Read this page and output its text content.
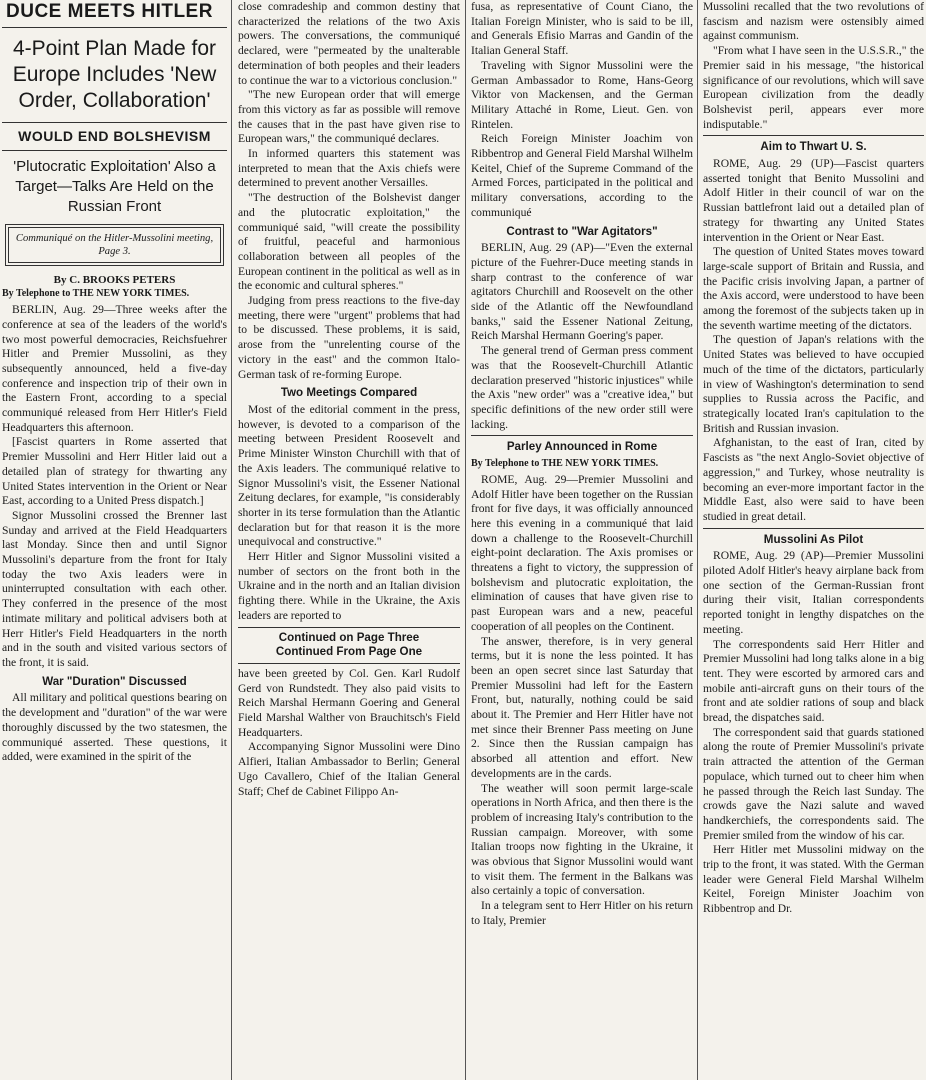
DUCE MEETS HITLER
4-Point Plan Made for Europe Includes 'New Order, Collaboration'
WOULD END BOLSHEVISM
'Plutocratic Exploitation' Also a Target—Talks Are Held on the Russian Front
Communiqué on the Hitler-Mussolini meeting, Page 3.
By C. BROOKS PETERS
By Telephone to THE NEW YORK TIMES.

BERLIN, Aug. 29—Three weeks after the conference at sea of the leaders of the world's two most powerful democracies, Reichsfuehrer Hitler and Premier Mussolini, as they subsequently announced, held a five-day conference and inspection trip of their own in the Eastern Front, according to a special communiqué released from Herr Hitler's Field Headquarters this afternoon.

[Fascist quarters in Rome asserted that Premier Mussolini and Herr Hitler laid out a detailed plan of strategy for thwarting any United States intervention in the Orient or Near East, according to a United Press dispatch.]

Signor Mussolini crossed the Brenner last Sunday and arrived at the Field Headquarters last Monday. Since then and until Signor Mussolini's departure from the front for Italy today the two Axis leaders were in uninterrupted consultation with each other. They conferred in the presence of the most intimate military and political advisers both at Herr Hitler's Field Headquarters in the north and in the south and visited various sectors of the front, it is said.

War "Duration" Discussed

All military and political questions bearing on the development and "duration" of the war were thoroughly discussed by the two statesmen, the communiqué asserted. These questions, it added, were examined in the spirit of the

close comradeship and common destiny that characterized the relations of the two Axis powers. The conversations, the communiqué declared, were "permeated by the unalterable determination of both peoples and their leaders to continue the war to a victorious conclusion."

"The new European order that will emerge from this victory as far as possible will remove the causes that in the past have given rise to European wars," the communiqué declares.

In informed quarters this statement was interpreted to mean that the Axis chiefs were determined to prevent another Versailles.

"The destruction of the Bolshevist danger and the plutocratic exploitation," the communiqué said, "will create the possibility of fruitful, peaceful and harmonious collaboration between all peoples of the European continent in the political as well as in the economic and cultural spheres."

Judging from press reactions to the five-day meeting, there were "urgent" problems that had to be discussed. These problems, it is said, arose from the "unrelenting course of the victory in the east" and the common Italo-German task of re-forming Europe.

Two Meetings Compared

Most of the editorial comment in the press, however, is devoted to a comparison of the meeting between President Roosevelt and Prime Minister Winston Churchill with that of the Axis leaders. The communiqué relative to Signor Mussolini's visit, the Essener National Zeitung declares, for example, "is considerably shorter in its terse formulation than the Atlantic declaration but for that reason it is the more unequivocal and constructive."

Herr Hitler and Signor Mussolini visited a number of sectors on the front both in the Ukraine and in the north and an Italian division fighting there. While in the Ukraine, the Axis leaders are reported to

Continued on Page Three
Continued From Page One

have been greeted by Col. Gen. Karl Rudolf Gerd von Rundstedt. They also paid visits to Reich Marshal Hermann Goering and General Field Marshal Walther von Brauchitsch's Field Headquarters.

Accompanying Signor Mussolini were Dino Alfieri, Italian Ambassador to Berlin; General Ugo Cavallero, Chief of the Italian General Staff; Chef de Cabinet Filippo An-

fusa, as representative of Count Ciano, the Italian Foreign Minister, who is said to be ill, and Generals Efisio Marras and Gandin of the Italian General Staff.

Traveling with Signor Mussolini were the German Ambassador to Rome, Hans-Georg Viktor von Mackensen, and the German Military Attaché in Rome, Lieut. Gen. von Rintelen.

Reich Foreign Minister Joachim von Ribbentrop and General Field Marshal Wilhelm Keitel, Chief of the Supreme Command of the Armed Forces, participated in the political and military conversations, according to the communiqué

Contrast to "War Agitators"

BERLIN, Aug. 29 (AP)—"Even the external picture of the Fuehrer-Duce meeting stands in sharp contrast to the conference of war agitators Churchill and Roosevelt on the other side of the Atlantic off the Newfoundland banks," said the Essener National Zeitung, Reich Marshal Hermann Goering's paper.

The general trend of German press comment was that the Roosevelt-Churchill Atlantic declaration preserved "historic injustices" while the Axis "new order" was a "creative idea," but specific definitions of the new order still were lacking.

Parley Announced in Rome
By Telephone to THE NEW YORK TIMES.

ROME, Aug. 29—Premier Mussolini and Adolf Hitler have been together on the Russian front for five days, it was officially announced here this evening in a communiqué that laid down a challenge to the Roosevelt-Churchill eight-point declaration. The Axis promises or threatens a fight to victory, the suppression of bolshevism and plutocratic exploitation, the elimination of causes that have given rise to past European wars and a new, peaceful cooperation of all peoples on the Continent.

The answer, therefore, is in very general terms, but it is none the less pointed. It has been an open secret since last Saturday that Premier Mussolini had left for the Eastern Front, but, naturally, nothing could be said about it. The Premier and Herr Hitler have not met since their Brenner Pass meeting on June 2. Since then the Russian campaign has absorbed all attention and effort. New developments are in the cards.

The weather will soon permit large-scale operations in North Africa, and then there is the problem of increasing Italy's contribution to the Russian campaign. Moreover, with some Italian troops now fighting in the Ukraine, it was obvious that Signor Mussolini would want to visit them. The ferment in the Balkans was also certainly a topic of conversation.

In a telegram sent to Herr Hitler on his return to Italy, Premier

Mussolini recalled that the two revolutions of fascism and nazism were ostensibly aimed against communism.

"From what I have seen in the U.S.S.R.," the Premier said in his message, "the historical significance of our revolutions, which will save European civilization from the deadly Bolshevist peril, appears ever more indisputable."

Aim to Thwart U. S.

ROME, Aug. 29 (UP)—Fascist quarters asserted tonight that Benito Mussolini and Adolf Hitler in their council of war on the Russian battlefront laid out a detailed plan of strategy for thwarting any United States intervention in the Orient or Near East.

The question of United States moves toward large-scale support of Britain and Russia, and the Pacific crisis involving Japan, a partner of the Axis accord, were understood to have been among the foremost of the subjects taken up in the seventh wartime meeting of the dictators.

The question of Japan's relations with the United States was believed to have occupied much of the time of the dictators, particularly in view of Washington's determination to send supplies to Russia across the Pacific, and strategically located Iran's capitulation to the British and Russian invasion.

Afghanistan, to the east of Iran, cited by Fascists as "the next Anglo-Soviet objective of aggression," and Turkey, whose neutrality is becoming an ever-more important factor in the Middle East, also were said to have been studied in great detail.

Mussolini As Pilot

ROME, Aug. 29 (AP)—Premier Mussolini piloted Adolf Hitler's heavy airplane back from one section of the German-Russian front during their visit, Italian correspondents reported tonight in lengthy dispatches on the meeting.

The correspondents said Herr Hitler and Premier Mussolini had long talks alone in a big tent. They were escorted by armored cars and mobile anti-aircraft guns on their tours of the front and ate soldier rations of soup and black bread, the dispatches said.

The correspondent said that guards stationed along the route of Premier Mussolini's private train attracted the attention of the German populace, which turned out to cheer him when he passed through the Reich last Sunday. The crowds gave the Nazi salute and waved handkerchiefs, the correspondents said. The Premier smiled from the window of his car.

Herr Hitler met Mussolini midway on the trip to the front, it was stated. With the German leader were General Field Marshal Wilhelm Keitel, Foreign Minister Joachim von Ribbentrop and Dr.
